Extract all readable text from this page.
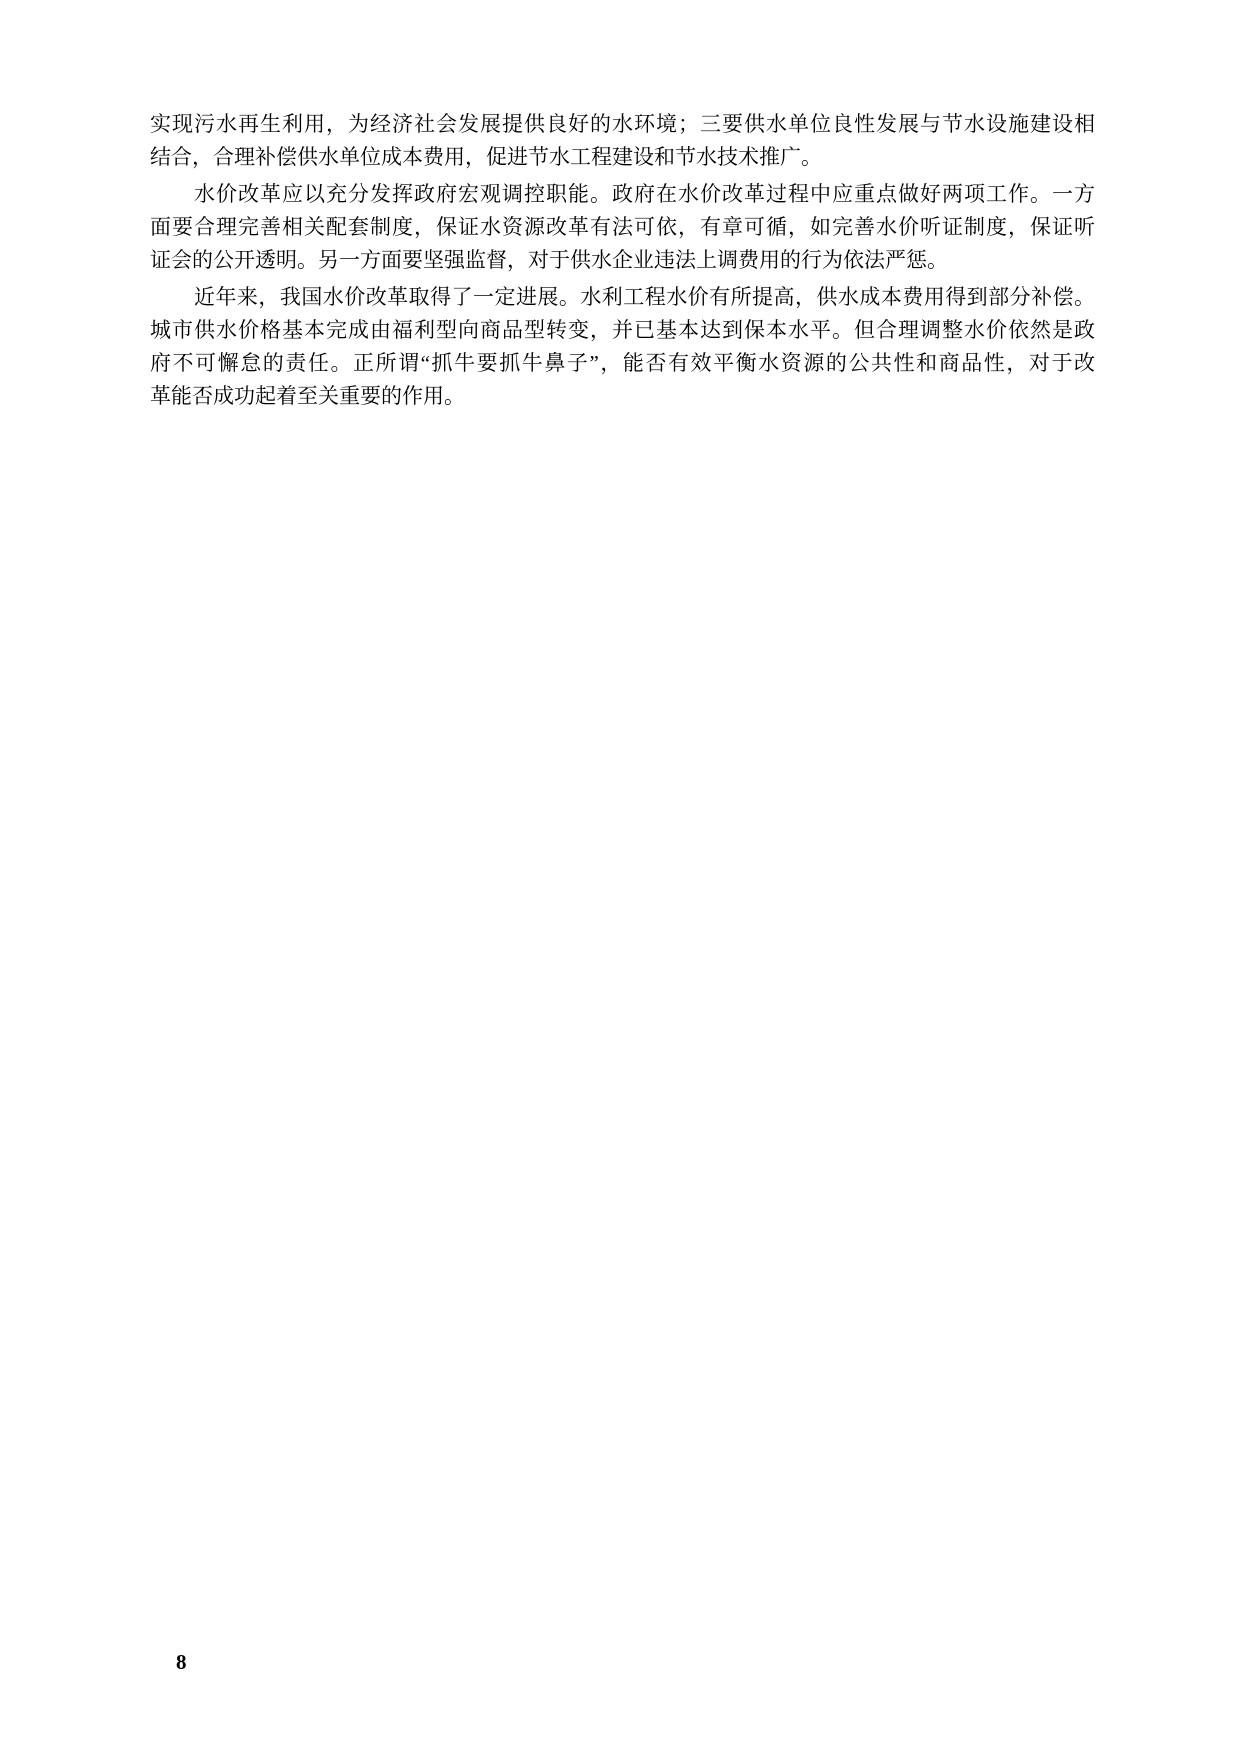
实现污水再生利用，为经济社会发展提供良好的水环境；三要供水单位良性发展与节水设施建设相
结合，合理补偿供水单位成本费用，促进节水工程建设和节水技术推广。

水价改革应以充分发挥政府宏观调控职能。政府在水价改革过程中应重点做好两项工作。一方
面要合理完善相关配套制度，保证水资源改革有法可依，有章可循，如完善水价听证制度，保证听
证会的公开透明。另一方面要坚强监督，对于供水企业违法上调费用的行为依法严惩。

近年来，我国水价改革取得了一定进展。水利工程水价有所提高，供水成本费用得到部分补偿。
城市供水价格基本完成由福利型向商品型转变，并已基本达到保本水平。但合理调整水价依然是政
府不可懈怠的责任。正所谓“抓牛要抓牛鼻子”，能否有效平衡水资源的公共性和商品性，对于改
革能否成功起着至关重要的作用。

8
